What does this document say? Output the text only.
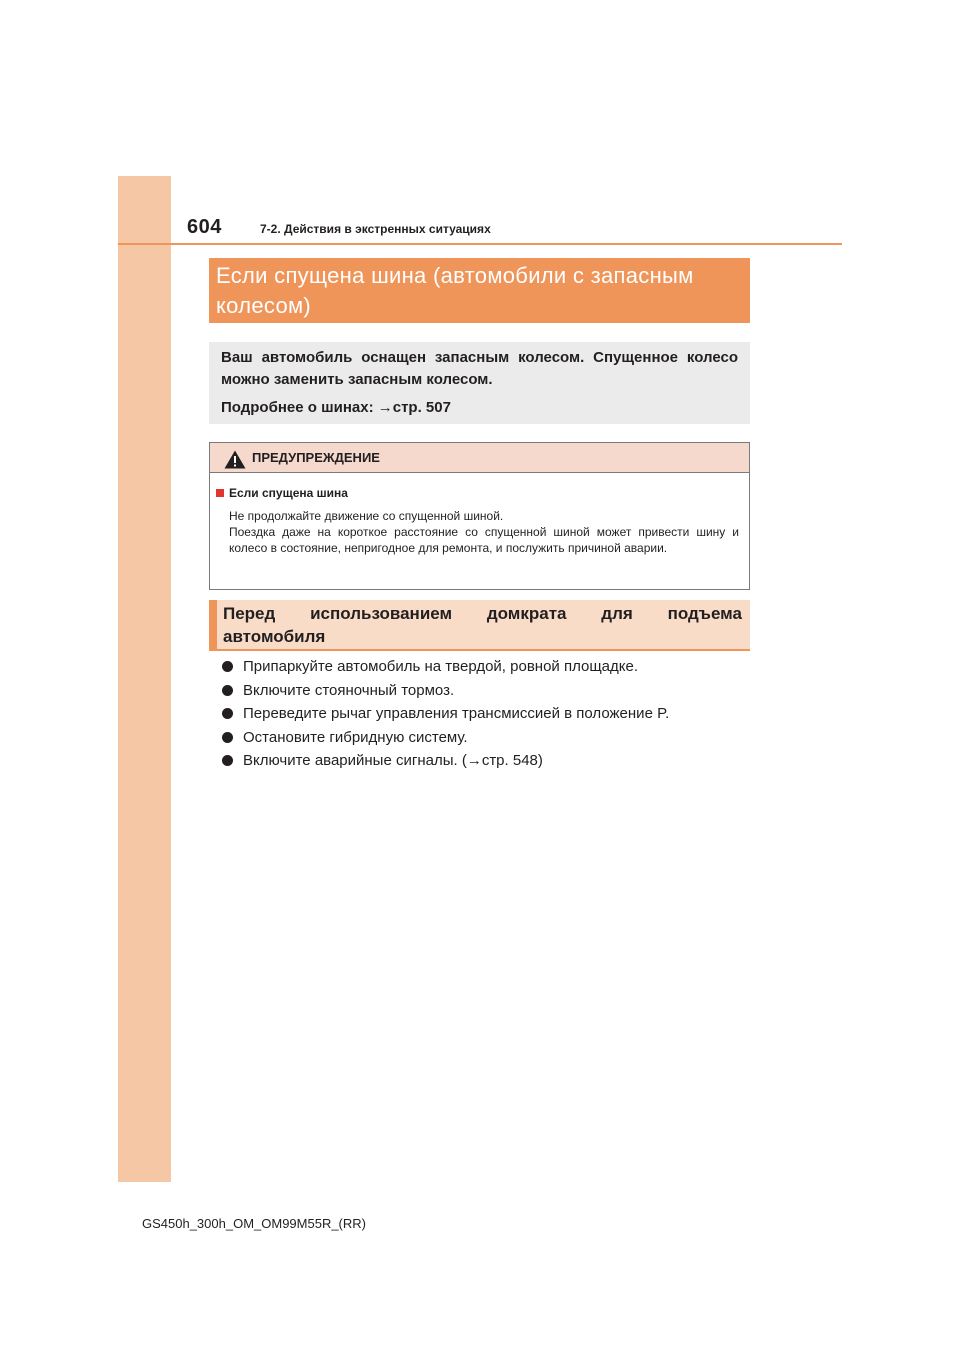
604	7-2. Действия в экстренных ситуациях
Если спущена шина (автомобили с запасным
колесом)

Ваш автомобиль оснащен запасным колесом. Спущенное колесо можно заменить запасным колесом.

Подробнее о шинах: →стр. 507

ПРЕДУПРЕЖДЕНИЕ
Если спущена шина

Не продолжайте движение со спущенной шиной.

Поездка даже на короткое расстояние со спущенной шиной может привести шину и колесо в состояние, непригодное для ремонта, и послужить причиной аварии.

Перед использованием домкрата для подъема
автомобиля
Припаркуйте автомобиль на твердой, ровной площадке.
Включите стояночный тормоз.
Переведите рычаг управления трансмиссией в положение P.
Остановите гибридную систему.
Включите аварийные сигналы. (→стр. 548)
GS450h_300h_OM_OM99M55R_(RR)
